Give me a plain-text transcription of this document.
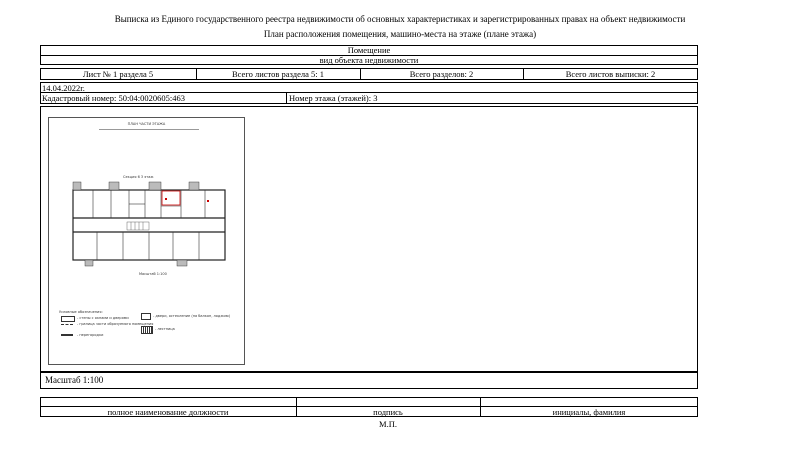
Выписка из Единого государственного реестра недвижимости об основных характеристиках и зарегистрированных правах на объект недвижимости
План расположения помещения, машино-места на этаже (плане этажа)
Помещение
вид объекта недвижимости
Лист № 1 раздела 5	Всего листов раздела 5: 1	Всего разделов: 2	Всего листов выписки: 2
14.04.2022г.
Кадастровый номер: 50:04:0020605:463	Номер этажа (этажей): 3
ПЛАН ЧАСТИ ЭТАЖА
Секция 6 3 этаж
Масштаб 1:100
Условные обозначения:
- стены с окнами и дверями
- граница части образуемого помещения
- перегородки
- двери, остекление (на балкон, лоджию)
- лестница
Масштаб 1:100
полное наименование должности	подпись	инициалы, фамилия
М.П.
